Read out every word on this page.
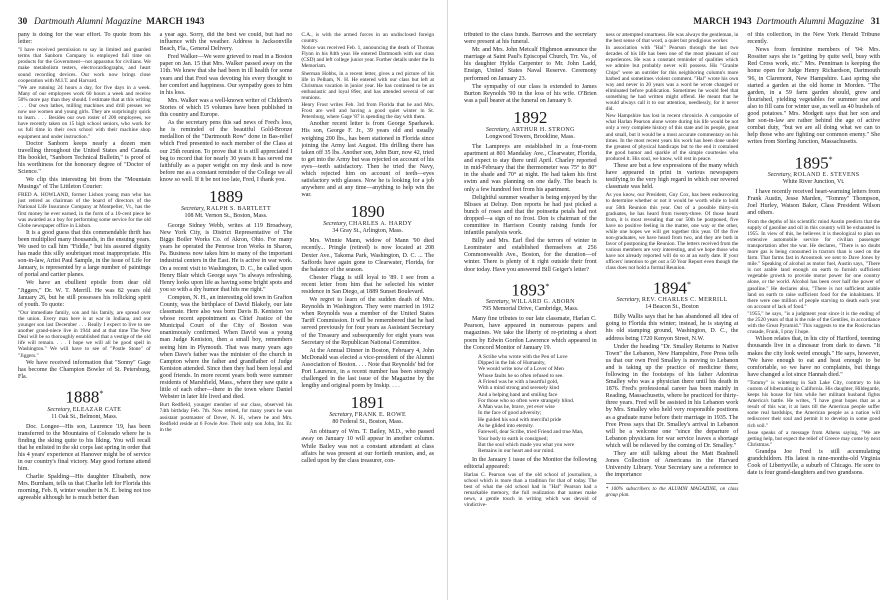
30 Dartmouth Alumni Magazine MARCH 1943

pany is doing for the war effort. To quote from his letter:

"I have received permission to say in limited and guarded terms that Sanborn Company is employed full time on products for the Government—not apparatus for civilians. We make metabolism testers, electrocardiographs, and heart sound recording devices. Our work now brings close cooperation with M.I.T. and Harvard.

"We are running 24 hours a day, for five days in a week. Many of our employees work 60 hours a week and receive 50% more pay than they should. I estimate that at this writing . . . Our own lathes, milling machines and drill presses we now use women and young girls. They are surprisingly quick to learn. . . . Besides our own roster of 200 employees, we have recently taken on 15 high school seniors, who work for us full time in their own school with their machine shop equipment and under instruction."

Doctor Sanborn keeps nearly a dozen men travelling throughout the United States and Canada. His booklet, "Sanborn Technical Bulletin," is proof of his worthiness for the honorary degree of "Doctor of Science."

We clip this interesting bit from the "Mountain Musings" of The Littleton Courier:

FRED A. HOWLAND, former Lisbon young man who has just retired as chairman of the board of directors of the National Life Insurance Company at Montpelier, Vt., has the first money he ever earned, in the form of a 10-cent piece he was awarded as a boy for performing some service for the old Globe newspaper office in Lisbon.

It is a good guess that this commendable thrift has been multiplied many thousands, in the ensuing years. We used to call him "Fiddle," but his assured dignity has made this silly soubriquet most inappropriate. His son-in-law, Artist Paul Sample, in the issue of Life for January, is represented by a large number of paintings of portal and cartier planes.

We have an ebullient epistle from dear old "Jiggers," Dr. W. T. Merrill. He was 82 years old January 26, but he still possesses his rollicking spirit of youth. To quote:

"Our immediate family, son and his family, are spread over the union. Every man here is at war in Indiana, and our younger son last December . . . Really I expect to live to see another grand-niece live in 1944 and at that time The New Deal will be so thoroughly established that a vestige of the old life will remain. . . . I hope we will all be good spell in Washington." We will have to see of "Postle Stone" of "Jiggers."

We have received information that "Sonny" Gage has become the Champion Bowler of St. Petersburg, Fla.

1888*
Secretary, ELEAZAR CATE
11 Oak St., Belmont, Mass.

Doc. Longee—His son, Laurence '19, has been transferred to the Mountains of Colorado where he is finding the skiing quite to his liking. You will recall that he enlisted in the ski corps last spring in order that his 4 years' experience at Hanover might be of service in our country's final victory. May good fortune attend him.

Charlie Spalding—His daughter Elisabeth, now Mrs. Burnham, tells us that Charlie left for Florida this morning, Feb. 8, winter weather in N. E. being not too agreeable although he is much better than

a year ago. Sorry, did the best we could, but had no influence with the weather. Address is Jacksonville Beach, Fla., General Delivery.

Fred Walker—We were grieved to read in a Boston paper on Jan. 15 that Mrs. Walker passed away on the 11th. We knew that she had been in ill health for some years and that Fred was devoting his every thought to her comfort and happiness. Our sympathy goes to him in his loss.

Mrs. Walker was a well-known writer of Children's Stories of which 15 volumes have been published in this country and Europe.

As the secretary pens this sad news of Fred's loss, he is reminded of the beautiful Gold-Bronze medallion of the "Dartmouth Row" done in Bas-relief which Fred presented to each member of the Class at our 25th reunion. To prove that it is still appreciated I beg to record that for nearly 30 years it has served me faithfully as a paper weight on my desk and is now before me as a constant reminder of the College we all know so well. If it be not too late, Fred, I thank you.

1889
Secretary, RALPH S. BARTLETT
108 Mt. Vernon St., Boston, Mass.

George Sidney Webb, writes at 119 Broadway, New York City, is District Representative of The Biggs Boiler Works Co. of Akron, Ohio. For many years he operated the Penrose Iron Works in Sharon, Pa. Business now takes him to many of the important industrial centers in the East. He is active in war work. On a recent visit to Washington, D. C., he called upon Henry Blair which George says "is always refreshing. Henry looks upon life as having some bright spots and you so with a dry humor that hits me right."

Compton, N. H., an interesting old town in Grafton County, was the birthplace of David Blakely, our late classmate. Here also was born Davis B. Keniston 'oo whose recent appointment as Chief Justice of the Municipal Court of the City of Boston was unanimously confirmed. When David was a young man Judge Keniston, then a small boy, remembers seeing him in Plymouth. That was many years ago when Dave's father was the minister of the church in Campton where the father and grandfather of Judge Keniston attended. Since then they had been loyal and good friends. In more recent years both were summer residents of Marshfield, Mass., where they saw quite a little of each other—there in the town where Daniel Webster in later life lived and died.

Burt Redfield, younger member of our class, observed his 74th birthday Feb. 7th. Now retired, for many years he was assistant postmaster of Dover, N. H., where he and Mrs. Redfield reside at 6 Fowle Ave. Their only son John, Int. Er. in the

C.A., is with the armed forces in an undisclosed foreign country.

Notice was received Feb. 1, announcing the death of Thomas Flynn in his 84th year. He entered Dartmouth with our class (CSD) and left college junior year. Further details under the In Memoriam.

Sherman Hobbs, in a recent letter, gives a red picture of his life in Pelham, N. H. He entered with our class but left at Christmas vacation in junior year. He has continued to be an enthusiastic and loyal 89er, and has attended several of our reunions.

Henry Frost writes Feb. 3rd from Florida that he and Mrs. Frost are well and having a good quiet winter in St. Petersburg, where Gage '87 is spending the day with them.

Another recent letter is from George Sparhawk. His son, George F. Jr., 39 years old and usually weighing 200 lbs., has been stationed in Florida since joining the Army last August. His drilling there has taken off 35 lbs. Another son, John Burr, now 42, tried to get into the Army but was rejected on account of his eyes—teeth satisfactory. Then he tried the Navy, which rejected him on account of teeth—eyes satisfactory with glasses. Now he is looking for a job anywhere and at any time—anything to help win the war.

1890
Secretary, CHARLES A. HARDY
34 Gray St., Arlington, Mass.

Mrs. Winnie Mann, widow of Mann '90 died recently... Pringle (retired) is now located at 208 Dexter Ave., Takoma Park, Washington, D. C. ... The Saffords have again gone to Clearwater, Florida, for the balance of the season.

Chester Flagg is still loyal to '89. I see from a recent letter from him that he selected his winter residence in San Diego, at 1889 Sunset Boulevard.

We regret to learn of the sudden death of Mrs. Reynolds in Washington. They were married in 1912 when Reynolds was a member of the United States Tariff Commission. It will be remembered that he had served previously for four years as Assistant Secretary of the Treasury and subsequently for eight years was Secretary of the Republican National Committee.

At the Annual Dinner in Boston, February 4, John McDonald was elected a vice-president of the Alumni Association of Boston. . . . Note that Reynolds' bid for Port Laurence, in a recent number has been strongly challenged in the last issue of the Magazine by the lengthy and original poem by Inskip. . . .

1891
Secretary, FRANK E. ROWE
80 Federal St., Boston, Mass.

An obituary of Wm. T. Bailey, M.D., who passed away on January 10 will appear in another column. While Bailey was not a constant attendant at class affairs he was present at our fortieth reunion, and, as called upon by the class treasurer, con-

MARCH 1943 Dartmouth Alumni Magazine 31

tributed to the class funds. Barrows and the secretary were present at his funeral.

Mr. and Mrs. John Metcalf Highmon announce the marriage at Saint Paul's Episcopal Church, Trr. Va., of his daughter Hylda Carpenter to Mr. John Ladd, Ensign, United States Naval Reserve. Ceremony performed on January 23.

The sympathy of our class is extended to James Burton Reynolds '90 in the loss of his wife. O'Brien was a pall bearer at the funeral on January 9.

1892
Secretary, ARTHUR H. STRONG
Longwood Towers, Brookline, Mass.

The Lampreys are established in a four-room apartment at 801 Mandalay Ave., Clearwater, Florida, and expect to stay there until April. Charley reported in mid-February that the thermometer was 75° to 80° in the shade and 70° at night. He had taken his first swim and was planning on one daily. The beach is only a few hundred feet from his apartment.

Delightful summer weather is being enjoyed by the Blisses at Delray. Don reports he had just picked a bunch of roses and that the poinsetta petals had not dropped—a sign of no frost. Don is chairman of the committee in Harrison County raising funds for infantile paralysis work.

Billy and Mrs. Earl fled the terrors of winter in Leominster and established themselves at 256 Commonwealth Ave., Boston, for the duration—of winter. There is plenty of it right outside their front door today. Have you answered Bill Geiger's letter?

1893*
Secretary, WILLARD G. ABORN
795 Memorial Drive, Cambridge, Mass.

Many fine tributes to our late classmate, Harlan C. Pearson, have appeared in numerous papers and magazines. We take the liberty of re-printing a short poem by Edwin Gordon Lawrence which appeared in the Concord Monitor of January 19.

A Scribe who wrote with the Pen of Love
Dipped in the Ink of Humanity,
We would write now of a Lover of Men
Whose faults he so often refused to see.
A Friend was he with a heartful gold,
With a mind strong and serenely kind
And a helping hand and smiling face
For those who so often were strangely blind.
A Man was he, brave, yet ever wise
In the face of good adversity;
He guided his soul with merciful pride
As he glided into eternity.
Farewell, dear Scribe, tried Friend and true Man,
Your body to earth is consigned;
But the soul which made you what you were
Remains in our heart and our mind.

In the January 1 issue of the Monitor the following editorial appeared:

Harlan C. Pearson was of the old school of journalism, a school which is more than a tradition for that of today. The best of what the old school had in "Hal" Pearson had a remarkable memory, the full realization that names make news, a gentle touch in writing which was devoid of vindictive-

ness or attempted smartness. He was always the gentleman, in the best sense of that word, a quiet but prodigious worker.

In association with "Hal" Pearson through the last two decades of his life has been one of the most pleasant of our experiences. He was a constant reminder of qualities which we admire but probably never will possess. His "Granite Chips" were an outrider for this neighboring column's more barbed and sometimes violent comment. "Hal" wrote his own way and never in 20 years was a word he wrote changed or eliminated before publication. Sometimes he would feel that something he had written might offend. He meant that he would always call it to our attention, needlessly, for it never did.

New Hampshire has lost in recent chronicle. A composite of what Harlan Pearson alone wrote during his life would be not only a very complete history of this state and its people, great and small, but it would be a most accurate commentary on his times. In the most recent years his work has been done under the greatest of physical handicaps but to the end it contained the good humor and sparkle of the simple courtesies who produced it. His soul, we know, will rest in peace.

These are but a few expressions of the many which have appeared in print in various newspapers testifying to the very high regard in which our revered classmate was held.

As you know, our President, Guy Cox, has been endeavoring to determine whether or not it would be worth while to hold our 50th Reunion this year. Out of a possible thirty-six graduates, he has heard from twenty-three. Of those heard from, it is most revealing that our 50th be postponed, five have no positive feeling in the matter, one way or the other, while one hopes we will get together this year. Of the five non-graduates, we have heard from two, and they are both in favor of postponing the Reunion. The letters received from the various members are very interesting, and we hope those who have not already reported will do so at an early date. If your officers' intention to get out a 50 Year Report even though the class does not hold a formal Reunion.

1894*
Secretary, REV. CHARLES C. MERRILL
14 Beacon St., Boston

Billy Wallis says that he has abandoned all idea of going to Florida this winter; instead, he is staying at his old stamping ground, Washington, D. C., the address being 1720 Kenyon Street, N.W.

Under the heading "Dr. Smalley Returns to Native Town" the Lebanon, New Hampshire, Free Press tells us that our own Fred Smalley is moving to Lebanon and is taking up the practice of medicine there, following in the footsteps of his father Adonirus Smalley who was a physician there until his death in 1876. Fred's professional career has been mainly in Reading, Massachusetts, where he practiced for thirty-three years. Fred will be assisted in his Lebanon work by Mrs. Smalley who held very responsible positions as a graduate nurse before their marriage in 1935. The Free Press says that Dr. Smalley's arrival in Lebanon will be a welcome one "since the departure of Lebanon physicians for war service leaves a shortage which will be relieved by the coming of Dr. Smalley."

They are still talking about the Matt Bushnell Jones Collection of Americana in the Harvard University Library. Your Secretary saw a reference to the importance

* 100% subscribers to the ALUMNI MAGAZINE, on class group plan.

of this collection, in the New York Herald Tribune recently.

News from feminine members of '94: Mrs. Rossiter says she is "getting by quite well, busy with Red Cross work, etc." Mrs. Penniman is keeping the home open for Judge Henry Richardson, Dartmouth '96, in Claremont, New Hampshire. Last spring she started a garden at the old home in Morden. "The garden, in a 59 farm garden should, grew and flourished, yielding vegetables for summer use and also to fill cans for winter use, as well as 40 bushels of good potatoes." Mrs. Modgett says that her son and her son-in-law are rather behind the age of active combat duty, "but we are all doing what we can to help those who are fighting our common enemy." She writes from Sterling Junction, Massachusetts.

1895*
Secretary, ROLAND E. STEVENS
White River Junction, Vt.

I have recently received heart-warming letters from Frank Austin, Jesse Marden, "Tommy" Thompson, Joel Hurley, Watson Baker, Class President Wilson and others.

From the depths of his scientific mind Austin predicts that the supply of gasoline and oil in this country will be exhausted in 1955. In view of this, he believes it is theological to plan on extensive automobile service for civilian passenger transportation after the war. He declares, "There is no doubt more gas is being consumed in tractors than is used on the farm. That farms fast in Aroostook we sent to Dave Jones by mile." Speaking of alcohol as motor fuel, Austin says, "There is not arable land enough on earth to furnish sufficient vegetable growth to provide motor power for one country alone, or the world. Alcohol has been over half the power of gasoline." He declares also, "There is not sufficient arable land on earth to raise sufficient food for the inhabitants. If there were one million of people starving to death each year on account of lack of food."

"1955," he says, "is a judgment year since it is the ending of the 2520 years of that is the rule of the Gentiles, in accordance with the Great Pyramid." This suggests to me the Rosicrucian crusade, Frank, I pray I hope.

Wilson relates that, in his city of Hartford, teeming thousands live in a dinosaur from dark to dawn. "It makes the city look weird enough." He says, however, "We have enough to eat and heat enough to be comfortable, so we have no complaints, but things have changed a lot since Hannah died."

"Tommy" is wintering in Salt Lake City, contrary to his custom of hibernating in California. His daughter, Hildegarde, keeps his house for him while her militant husband fights America's battle. He writes, "I have great hopes that as a result of this war, it at lasts till the American people suffer some real hardships, the American people as a nation will rediscover their soul and permit it to develop in some good rich soil."

Jesse speaks of a message from Athens saying, "We are getting help, but expect the relief of Greece may come by next Christmas."

Grandpa Joe Ford is still accumulating grandchildren. His latest is nine-months-old Virginia Cook of Libertyville, a suburb of Chicago. He sore to date is four grand-daughters and two grandsons.
